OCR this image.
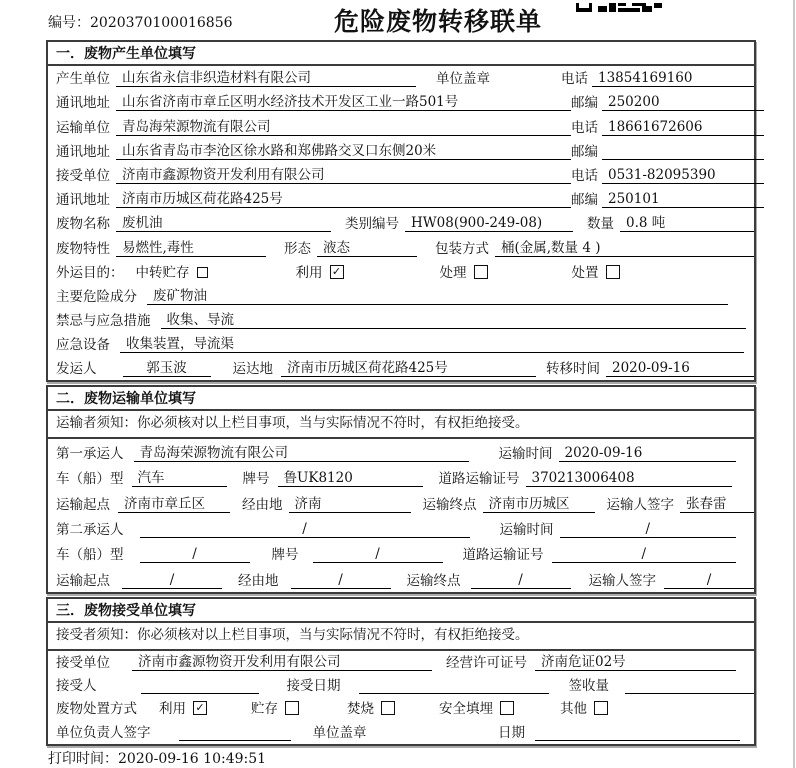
编号：2020370100016856	危险废物转移联单
一．废物产生单位填写
产生单位 山东省永信非织造材料有限公司	单位盖章	电话 13854169160
通讯地址 山东省济南市章丘区明水经济技术开发区工业一路501号	邮编 250200
运输单位 青岛海荣源物流有限公司	电话 18661672606
通讯地址 山东省青岛市李沧区徐水路和郑佛路交叉口东侧20米	邮编
接受单位 济南市鑫源物资开发利用有限公司	电话 0531-82095390
通讯地址 济南市历城区荷花路425号	邮编 250101
废物名称 废机油	类别编号 HW08(900-249-08)	数量 0.8 吨
废物特性 易燃性,毒性	形态 液态	包装方式 桶(金属,数量 4 )
外运目的： 中转贮存	利用 ✓	处理	处置
主要危险成分	废矿物油
禁忌与应急措施	收集、导流
应急设备	收集装置，导流渠
发运人	郭玉波	运达地	济南市历城区荷花路425号	转移时间 2020-09-16
二．废物运输单位填写
运输者须知：你必须核对以上栏目事项，当与实际情况不符时，有权拒绝接受。
第一承运人	青岛海荣源物流有限公司	运输时间 2020-09-16
车（船）型	汽车	牌号	鲁UK8120	道路运输证号 370213006408
运输起点	济南市章丘区	经由地 济南	运输终点 济南市历城区	运输人签字 张春雷
第二承运人	/	运输时间	/
车（船）型	/	牌号	/	道路运输证号	/
运输起点	/	经由地	/	运输终点	/	运输人签字	/
三．废物接受单位填写
接受者须知：你必须核对以上栏目事项，当与实际情况不符时，有权拒绝接受。
接受单位	济南市鑫源物资开发利用有限公司	经营许可证号	济南危证02号
接受人	接受日期	签收量
废物处置方式 利用 ✓	贮存	焚烧	安全填埋	其他
单位负责人签字	单位盖章	日期
打印时间：2020-09-16 10:49:51
